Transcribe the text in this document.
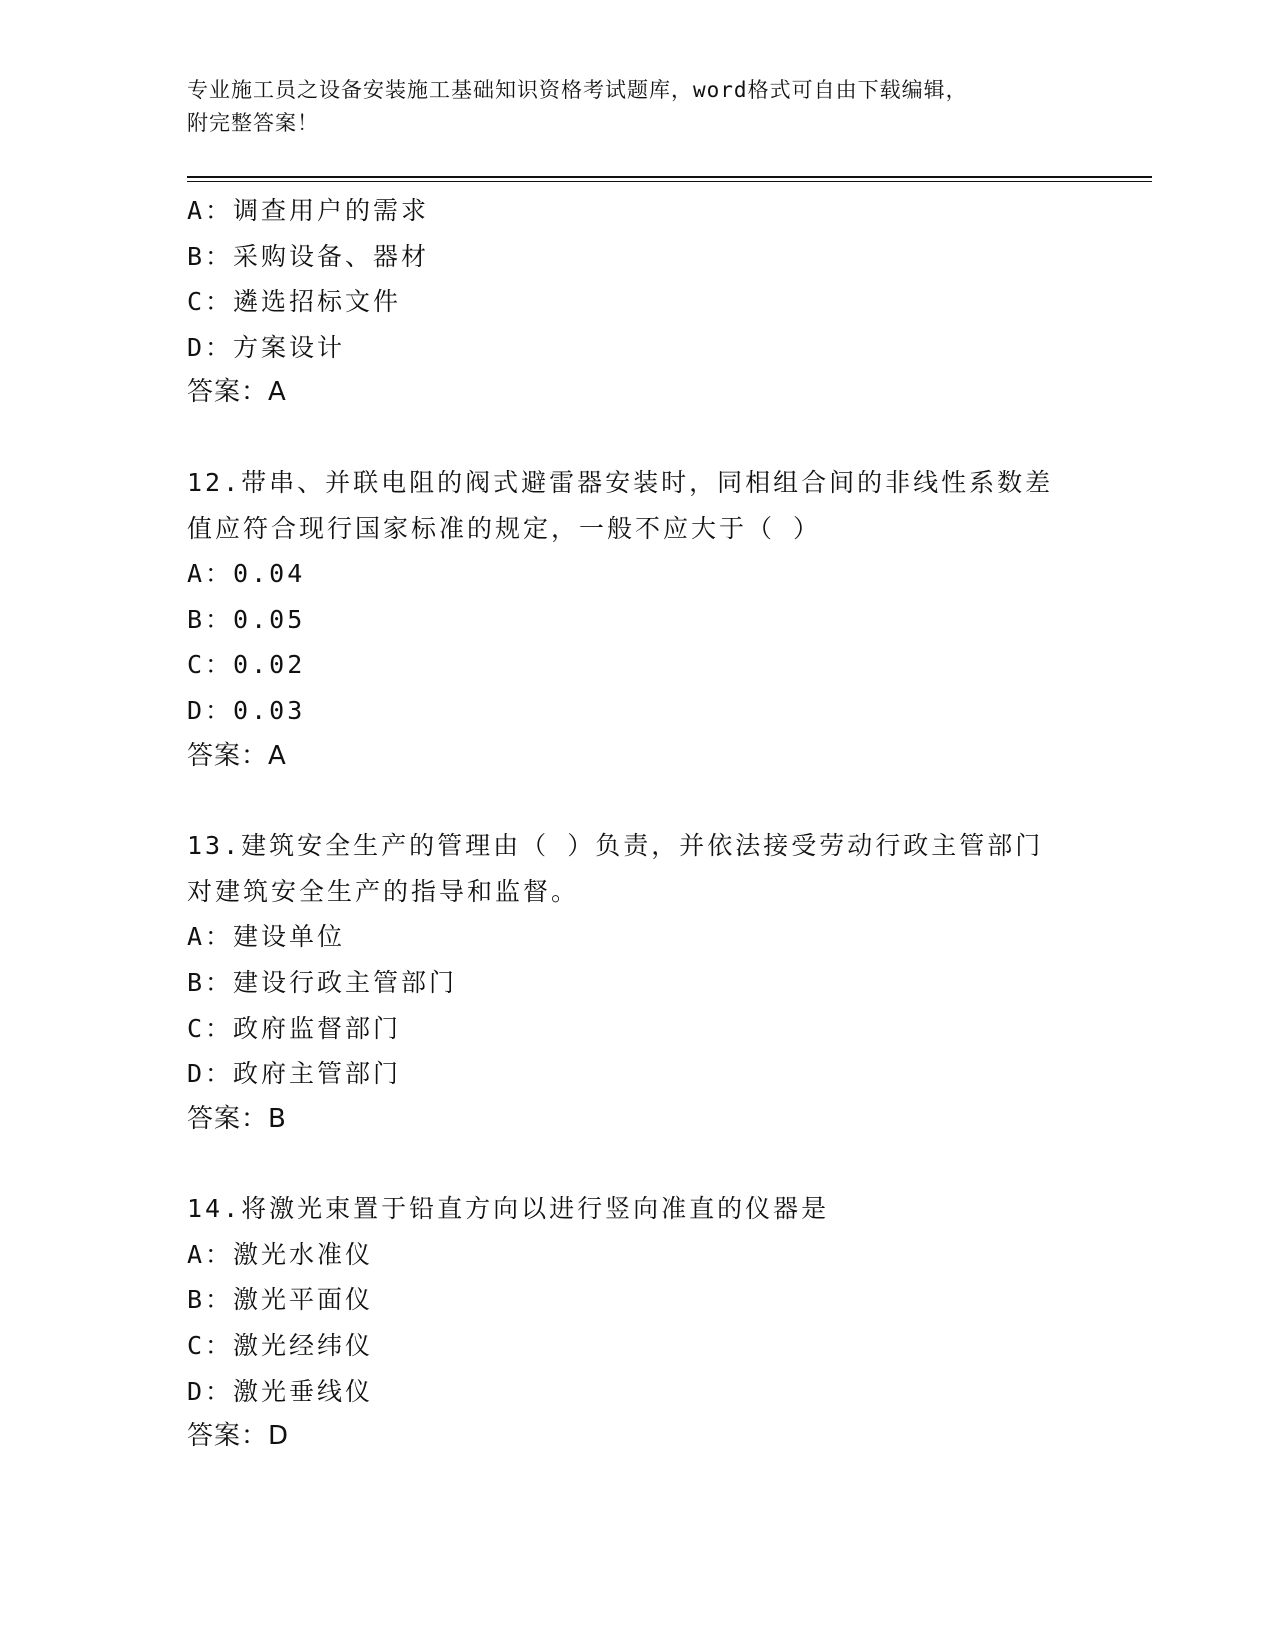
专业施工员之设备安装施工基础知识资格考试题库，word格式可自由下载编辑，
附完整答案！
A：调查用户的需求
B：采购设备、器材
C：遴选招标文件
D：方案设计
答案：A
12.带串、并联电阻的阀式避雷器安装时，同相组合间的非线性系数差
值应符合现行国家标准的规定，一般不应大于（ ）
A：0.04
B：0.05
C：0.02
D：0.03
答案：A
13.建筑安全生产的管理由（ ）负责，并依法接受劳动行政主管部门
对建筑安全生产的指导和监督。
A：建设单位
B：建设行政主管部门
C：政府监督部门
D：政府主管部门
答案：B
14.将激光束置于铅直方向以进行竖向准直的仪器是
A：激光水准仪
B：激光平面仪
C：激光经纬仪
D：激光垂线仪
答案：D
